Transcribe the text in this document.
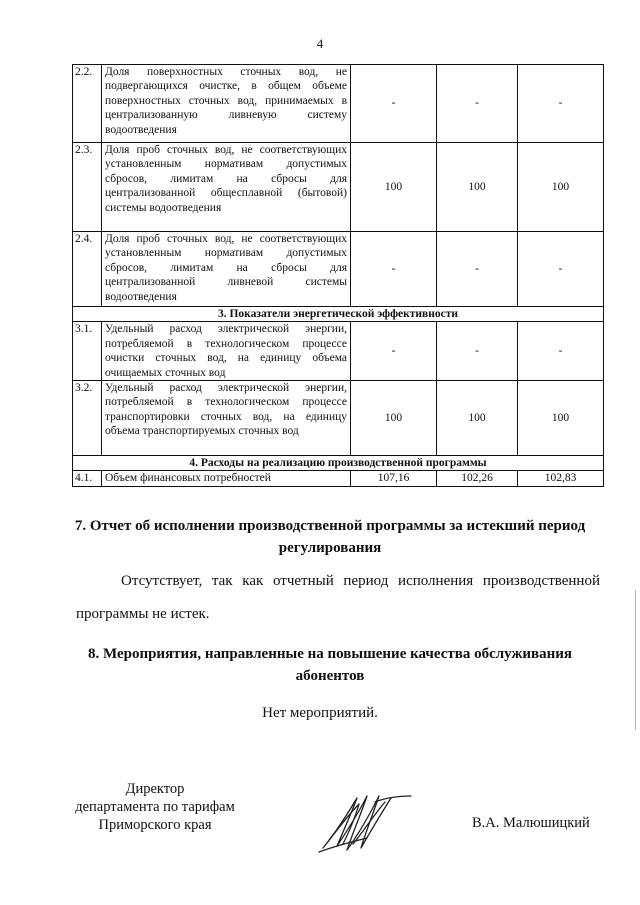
4
2.2.	Доля поверхностных сточных вод, не подвергающихся очистке, в общем объеме поверхностных сточных вод, принимаемых в централизованную ливневую систему водоотведения	-	-	-
2.3.	Доля проб сточных вод, не соответствующих установленным нормативам допустимых сбросов, лимитам на сбросы для централизованной общесплавной (бытовой) системы водоотведения	100	100	100
2.4.	Доля проб сточных вод, не соответствующих установленным нормативам допустимых сбросов, лимитам на сбросы для централизованной ливневой системы водоотведения	-	-	-
3. Показатели энергетической эффективности				
3.1.	Удельный расход электрической энергии, потребляемой в технологическом процессе очистки сточных вод, на единицу объема очищаемых сточных вод	-	-	-
3.2.	Удельный расход электрической энергии, потребляемой в технологическом процессе транспортировки сточных вод, на единицу объема транспортируемых сточных вод	100	100	100
4. Расходы на реализацию производственной программы				
4.1.	Объем финансовых потребностей	107,16	102,26	102,83
7. Отчет об исполнении производственной программы за истекший период регулирования
Отсутствует, так как отчетный период исполнения производственной программы не истек.
8. Мероприятия, направленные на повышение качества обслуживания абонентов
Нет мероприятий.
Директор
департамента по тарифам
Приморского края	В.А. Малюшицкий
